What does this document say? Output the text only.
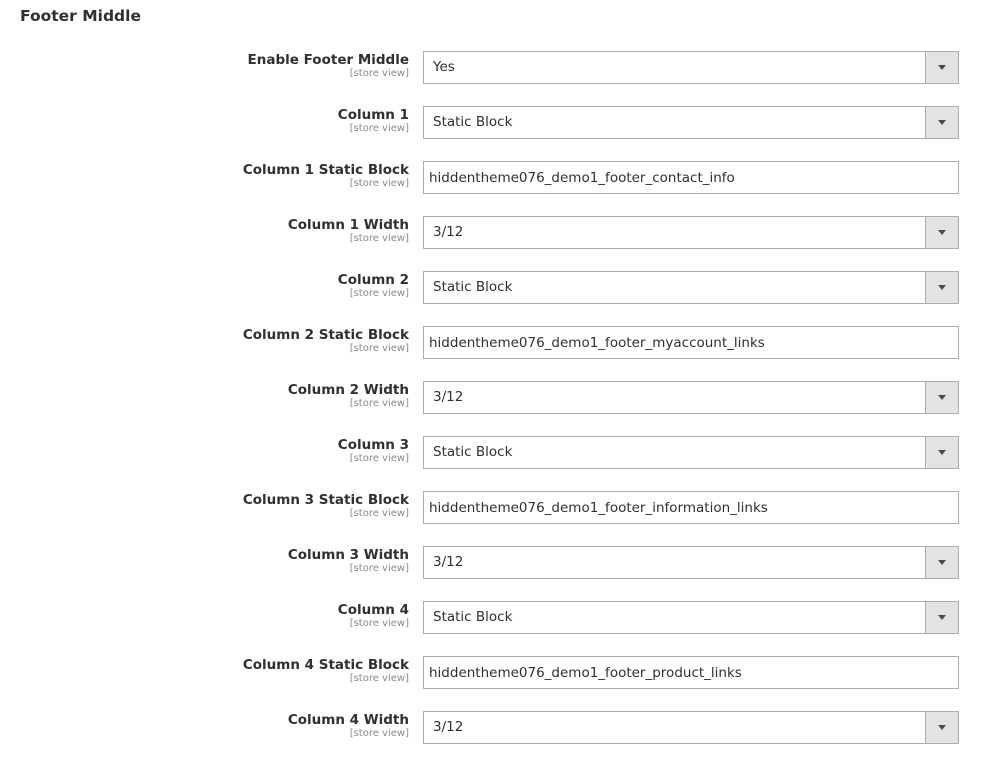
Footer Middle
Enable Footer Middle
[store view] Yes
Column 1
[store view] Static Block
Column 1 Static Block
[store view]
hiddentheme076_demo1_footer_contact_info
Column 1 Width
[store view] 3/12
Column 2
[store view] Static Block
Column 2 Static Block
[store view]
hiddentheme076_demo1_footer_myaccount_links
Column 2 Width
[store view] 3/12
Column 3
[store view] Static Block
Column 3 Static Block
[store view]
hiddentheme076_demo1_footer_information_links
Column 3 Width
[store view] 3/12
Column 4
[store view] Static Block
Column 4 Static Block
[store view]
hiddentheme076_demo1_footer_product_links
Column 4 Width
[store view] 3/12
